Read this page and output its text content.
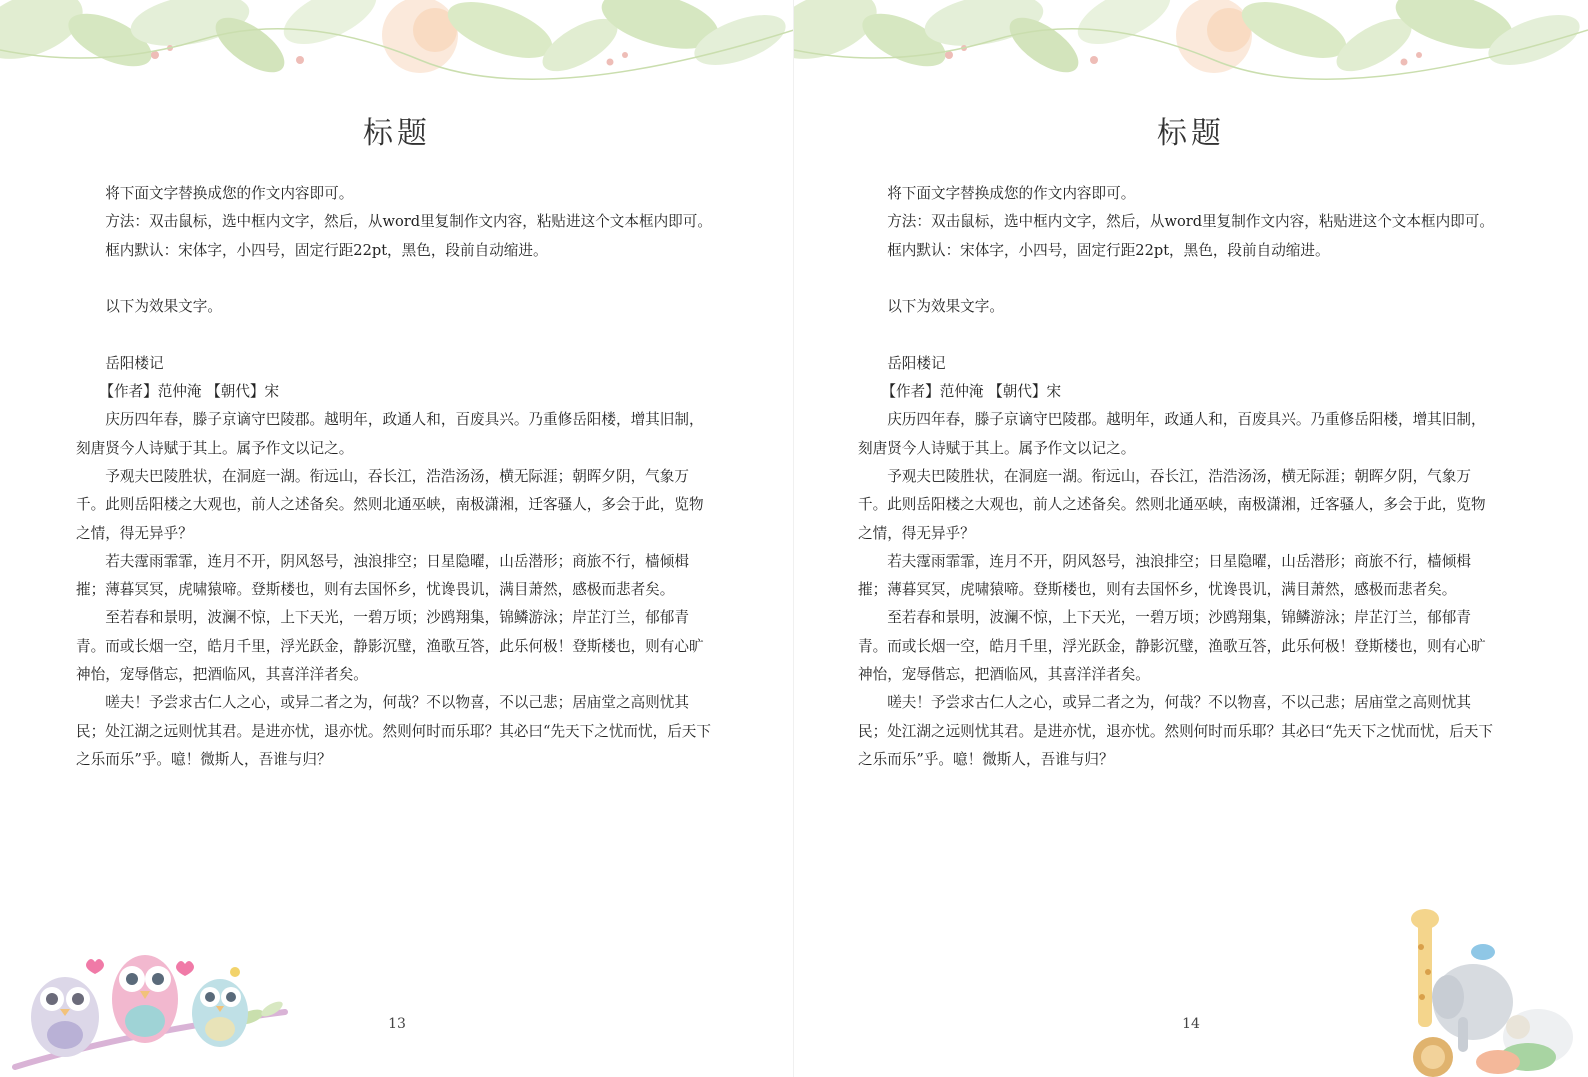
标题

将下面文字替换成您的作文内容即可。

方法：双击鼠标，选中框内文字，然后，从word里复制作文内容，粘贴进这个文本框内即可。

框内默认：宋体字，小四号，固定行距22pt，黑色，段前自动缩进。

以下为效果文字。

岳阳楼记

【作者】范仲淹 【朝代】宋

庆历四年春，滕子京谪守巴陵郡。越明年，政通人和，百废具兴。乃重修岳阳楼，增其旧制，刻唐贤今人诗赋于其上。属予作文以记之。

予观夫巴陵胜状，在洞庭一湖。衔远山，吞长江，浩浩汤汤，横无际涯；朝晖夕阴，气象万千。此则岳阳楼之大观也，前人之述备矣。然则北通巫峡，南极潇湘，迁客骚人，多会于此，览物之情，得无异乎？

若夫霪雨霏霏，连月不开，阴风怒号，浊浪排空；日星隐曜，山岳潜形；商旅不行，樯倾楫摧；薄暮冥冥，虎啸猿啼。登斯楼也，则有去国怀乡，忧谗畏讥，满目萧然，感极而悲者矣。

至若春和景明，波澜不惊，上下天光，一碧万顷；沙鸥翔集，锦鳞游泳；岸芷汀兰，郁郁青青。而或长烟一空，皓月千里，浮光跃金，静影沉璧，渔歌互答，此乐何极！登斯楼也，则有心旷神怡，宠辱偕忘，把酒临风，其喜洋洋者矣。

嗟夫！予尝求古仁人之心，或异二者之为，何哉？不以物喜，不以己悲；居庙堂之高则忧其民；处江湖之远则忧其君。是进亦忧，退亦忧。然则何时而乐耶？其必曰“先天下之忧而忧，后天下之乐而乐”乎。噫！微斯人，吾谁与归？

13
标题

将下面文字替换成您的作文内容即可。

方法：双击鼠标，选中框内文字，然后，从word里复制作文内容，粘贴进这个文本框内即可。

框内默认：宋体字，小四号，固定行距22pt，黑色，段前自动缩进。

以下为效果文字。

岳阳楼记

【作者】范仲淹 【朝代】宋

庆历四年春，滕子京谪守巴陵郡。越明年，政通人和，百废具兴。乃重修岳阳楼，增其旧制，刻唐贤今人诗赋于其上。属予作文以记之。

予观夫巴陵胜状，在洞庭一湖。衔远山，吞长江，浩浩汤汤，横无际涯；朝晖夕阴，气象万千。此则岳阳楼之大观也，前人之述备矣。然则北通巫峡，南极潇湘，迁客骚人，多会于此，览物之情，得无异乎？

若夫霪雨霏霏，连月不开，阴风怒号，浊浪排空；日星隐曜，山岳潜形；商旅不行，樯倾楫摧；薄暮冥冥，虎啸猿啼。登斯楼也，则有去国怀乡，忧谗畏讥，满目萧然，感极而悲者矣。

至若春和景明，波澜不惊，上下天光，一碧万顷；沙鸥翔集，锦鳞游泳；岸芷汀兰，郁郁青青。而或长烟一空，皓月千里，浮光跃金，静影沉璧，渔歌互答，此乐何极！登斯楼也，则有心旷神怡，宠辱偕忘，把酒临风，其喜洋洋者矣。

嗟夫！予尝求古仁人之心，或异二者之为，何哉？不以物喜，不以己悲；居庙堂之高则忧其民；处江湖之远则忧其君。是进亦忧，退亦忧。然则何时而乐耶？其必曰“先天下之忧而忧，后天下之乐而乐”乎。噫！微斯人，吾谁与归？

14
